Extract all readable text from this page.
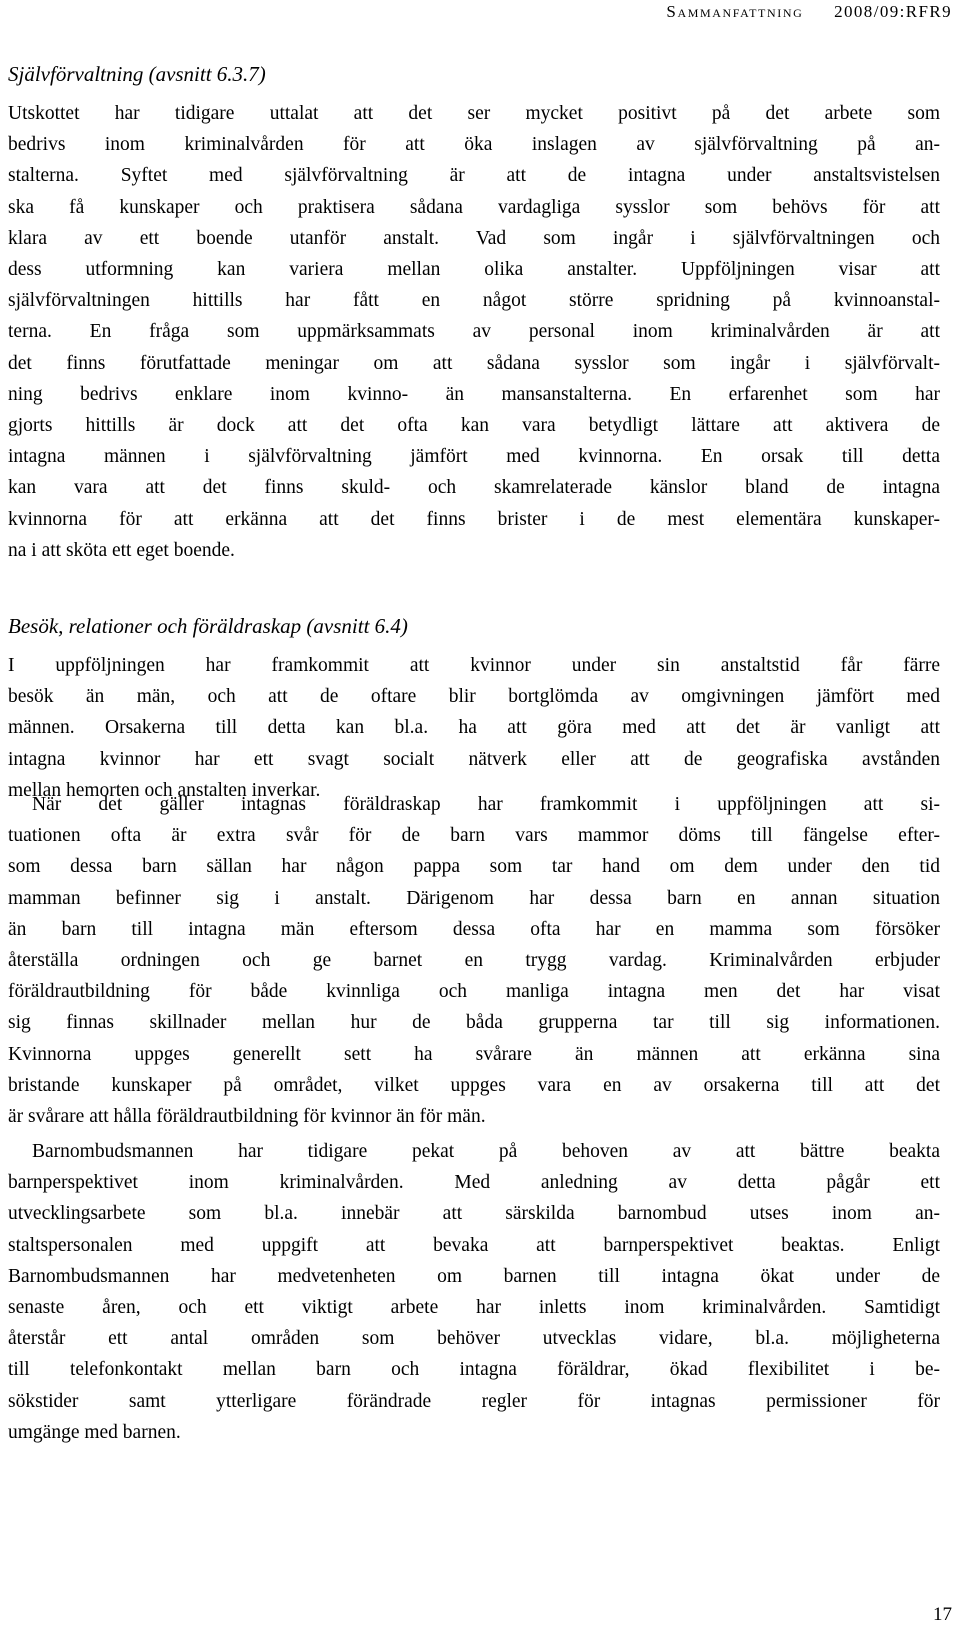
Sammanfattning 2008/09:RFR9
Självförvaltning (avsnitt 6.3.7)
Utskottet har tidigare uttalat att det ser mycket positivt på det arbete som
bedrivs inom kriminalvården för att öka inslagen av självförvaltning på an-
stalterna. Syftet med självförvaltning är att de intagna under anstaltsvistelsen
ska få kunskaper och praktisera sådana vardagliga sysslor som behövs för att
klara av ett boende utanför anstalt. Vad som ingår i självförvaltningen och
dess utformning kan variera mellan olika anstalter. Uppföljningen visar att
självförvaltningen hittills har fått en något större spridning på kvinnoanstal-
terna. En fråga som uppmärksammats av personal inom kriminalvården är att
det finns förutfattade meningar om att sådana sysslor som ingår i självförvalt-
ning bedrivs enklare inom kvinno- än mansanstalterna. En erfarenhet som har
gjorts hittills är dock att det ofta kan vara betydligt lättare att aktivera de
intagna männen i självförvaltning jämfört med kvinnorna. En orsak till detta
kan vara att det finns skuld- och skamrelaterade känslor bland de intagna
kvinnorna för att erkänna att det finns brister i de mest elementära kunskaper-
na i att sköta ett eget boende.
Besök, relationer och föräldraskap (avsnitt 6.4)
I uppföljningen har framkommit att kvinnor under sin anstaltstid får färre
besök än män, och att de oftare blir bortglömda av omgivningen jämfört med
männen. Orsakerna till detta kan bl.a. ha att göra med att det är vanligt att
intagna kvinnor har ett svagt socialt nätverk eller att de geografiska avstånden
mellan hemorten och anstalten inverkar.
När det gäller intagnas föräldraskap har framkommit i uppföljningen att si-
tuationen ofta är extra svår för de barn vars mammor döms till fängelse efter-
som dessa barn sällan har någon pappa som tar hand om dem under den tid
mamman befinner sig i anstalt. Därigenom har dessa barn en annan situation
än barn till intagna män eftersom dessa ofta har en mamma som försöker
återställa ordningen och ge barnet en trygg vardag. Kriminalvården erbjuder
föräldrautbildning för både kvinnliga och manliga intagna men det har visat
sig finnas skillnader mellan hur de båda grupperna tar till sig informationen.
Kvinnorna uppges generellt sett ha svårare än männen att erkänna sina
bristande kunskaper på området, vilket uppges vara en av orsakerna till att det
är svårare att hålla föräldrautbildning för kvinnor än för män.
Barnombudsmannen har tidigare pekat på behoven av att bättre beakta
barnperspektivet inom kriminalvården. Med anledning av detta pågår ett
utvecklingsarbete som bl.a. innebär att särskilda barnombud utses inom an-
staltspersonalen med uppgift att bevaka att barnperspektivet beaktas. Enligt
Barnombudsmannen har medvetenheten om barnen till intagna ökat under de
senaste åren, och ett viktigt arbete har inletts inom kriminalvården. Samtidigt
återstår ett antal områden som behöver utvecklas vidare, bl.a. möjligheterna
till telefonkontakt mellan barn och intagna föräldrar, ökad flexibilitet i be-
sökstider samt ytterligare förändrade regler för intagnas permissioner för
umgänge med barnen.
17
